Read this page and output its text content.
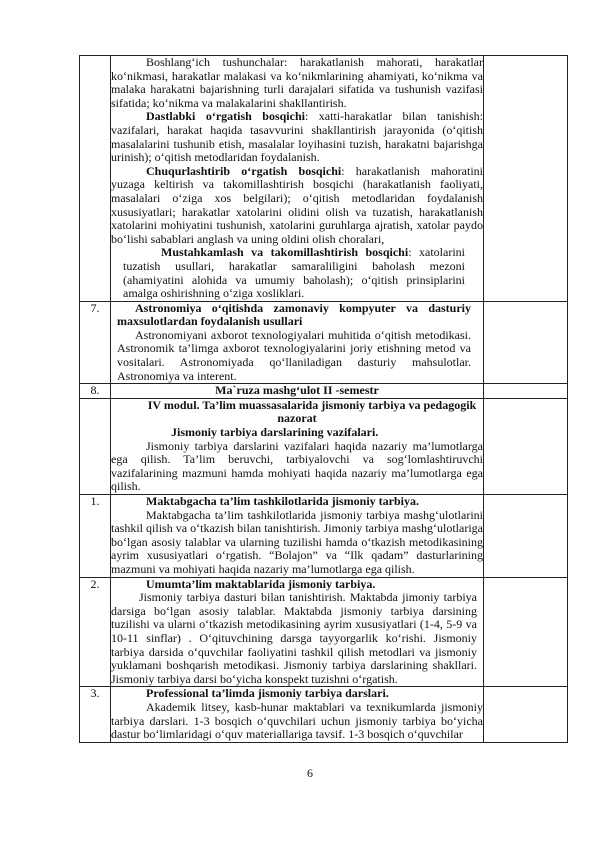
	Boshlang‘ich tushunchalar: harakatlanish mahorati, harakatlar ko‘nikmasi, harakatlar malakasi va ko‘nikmlarining ahamiyati, ko‘nikma va malaka harakatni bajarishning turli darajalari sifatida va tushunish vazifasi sifatida; ko‘nikma va malakalarini shakllantirish.

Dastlabki o‘rgatish bosqichi: xatti-harakatlar bilan tanishish: vazifalari, harakat haqida tasavvurini shakllantirish jarayonida (o‘qitish masalalarini tushunib etish, masalalar loyihasini tuzish, harakatni bajarishga urinish); o‘qitish metodlaridan foydalanish.

Chuqurlashtirib o‘rgatish bosqichi: harakatlanish mahoratini yuzaga keltirish va takomillashtirish bosqichi (harakatlanish faoliyati, masalalari o‘ziga xos belgilari); o‘qitish metodlaridan foydalanish xususiyatlari; harakatlar xatolarini olidini olish va tuzatish, harakatlanish xatolarini mohiyatini tushunish, xatolarini guruhlarga ajratish, xatolar paydo bo‘lishi sabablari anglash va uning oldini olish choralari,

Mustahkamlash va takomillashtirish bosqichi: xatolarini tuzatish usullari, harakatlar samaraliligini baholash mezoni (ahamiyatini alohida va umumiy baholash); o‘qitish prinsiplarini amalga oshirishning o‘ziga xosliklari.	

7.	Astronomiya o‘qitishda zamonaviy kompyuter va dasturiy maxsulotlardan foydalanish usullari

Astronomiyani axborot texnologiyalari muhitida o‘qitish metodikasi. Astronomik ta’limga axborot texnologiyalarini joriy etishning metod va vositalari. Astronomiyada qo‘llaniladigan dasturiy mahsulotlar. Astronomiya va interent.	

8.	Ma`ruza mashg‘ulot II -semestr	

	IV modul. Ta’lim muassasalarida jismoniy tarbiya va pedagogik nazorat

Jismoniy tarbiya darslarining vazifalari.

Jismoniy tarbiya darslarini vazifalari haqida nazariy ma’lumotlarga ega qilish. Ta’lim beruvchi, tarbiyalovchi va sog‘lomlashtiruvchi vazifalarining mazmuni hamda mohiyati haqida nazariy ma’lumotlarga ega qilish.	

1.	Maktabgacha ta’lim tashkilotlarida jismoniy tarbiya.

Maktabgacha ta’lim tashkilotlarida jismoniy tarbiya mashg‘ulotlarini tashkil qilish va o‘tkazish bilan tanishtirish. Jimoniy tarbiya mashg‘ulotlariga bo‘lgan asosiy talablar va ularning tuzilishi hamda o‘tkazish metodikasining ayrim xususiyatlari o‘rgatish. “Bolajon” va “Ilk qadam” dasturlarining mazmuni va mohiyati haqida nazariy ma’lumotlarga ega qilish.	

2.	Umumta’lim maktablarida jismoniy tarbiya.

Jismoniy tarbiya dasturi bilan tanishtirish. Maktabda jimoniy tarbiya darsiga bo‘lgan asosiy talablar. Maktabda jismoniy tarbiya darsining tuzilishi va ularni o‘tkazish metodikasining ayrim xususiyatlari (1-4, 5-9 va 10-11 sinflar) . O‘qituvchining darsga tayyorgarlik ko‘rishi. Jismoniy tarbiya darsida o‘quvchilar faoliyatini tashkil qilish metodlari va jismoniy yuklamani boshqarish metodikasi. Jismoniy tarbiya darslarining shakllari. Jismoniy tarbiya darsi bo‘yicha konspekt tuzishni o‘rgatish.	

3.	Professional ta’limda jismoniy tarbiya darslari.

Akademik litsey, kasb-hunar maktablari va texnikumlarda jismoniy tarbiya darslari. 1-3 bosqich o‘quvchilari uchun jismoniy tarbiya bo‘yicha dastur bo‘limlaridagi o‘quv materiallariga tavsif. 1-3 bosqich o‘quvchilar	

6
